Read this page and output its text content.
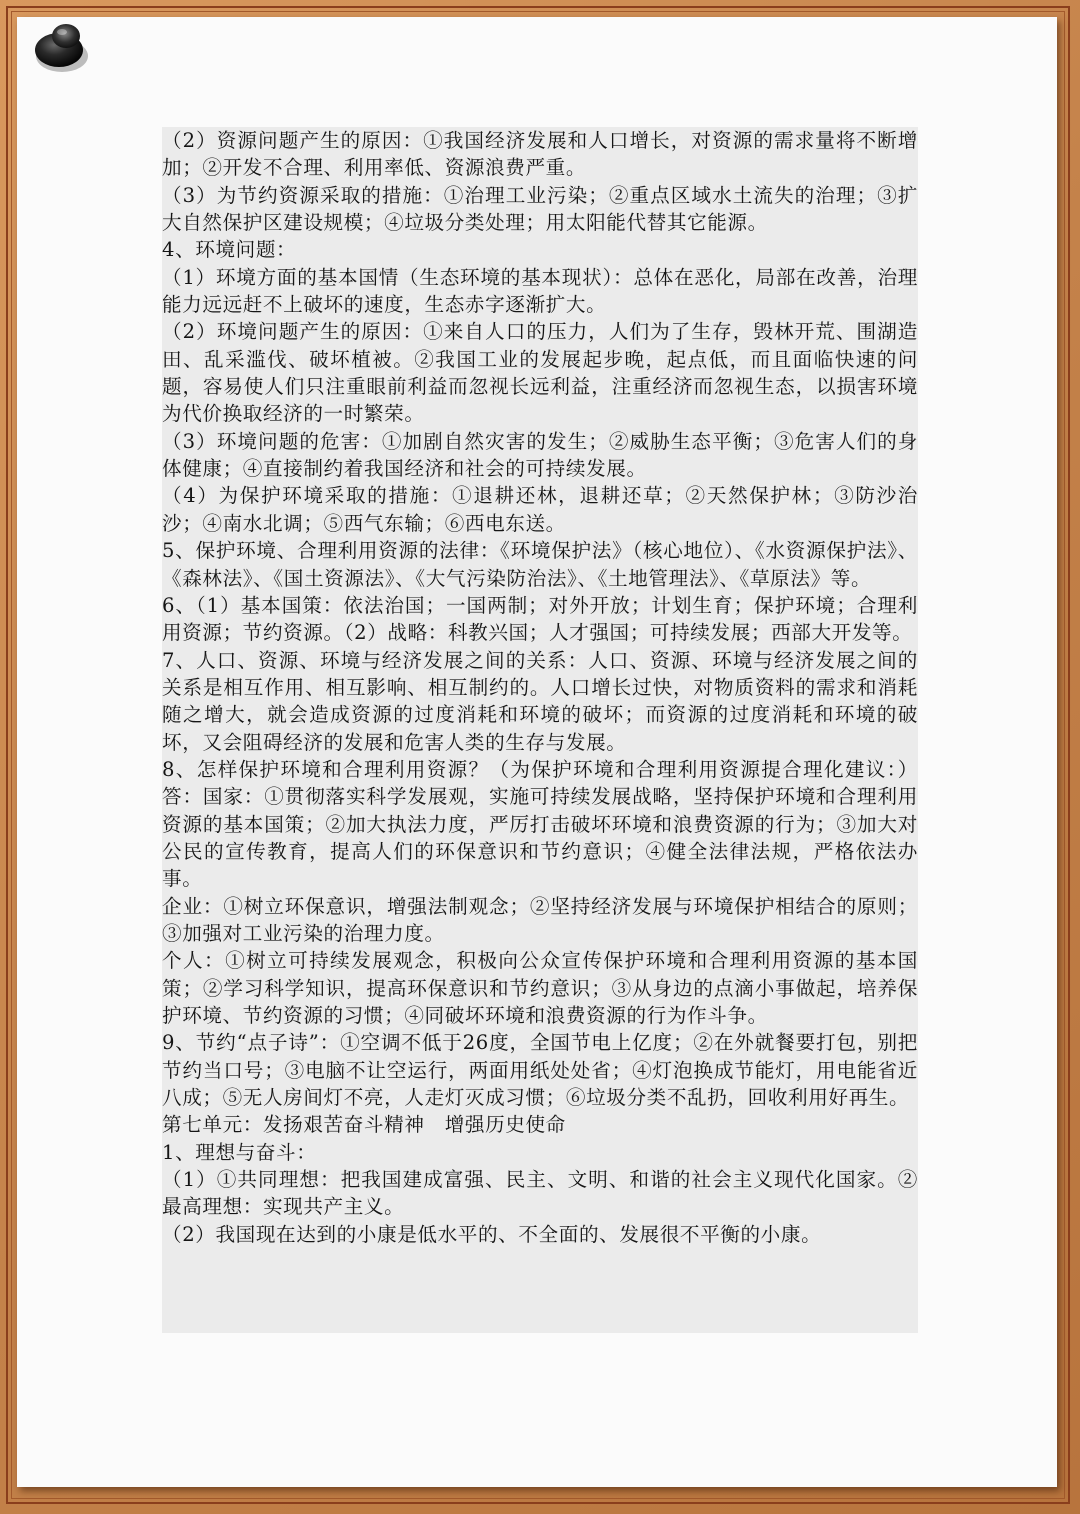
（2）资源问题产生的原因：①我国经济发展和人口增长，对资源的需求量将不断增加；②开发不合理、利用率低、资源浪费严重。

（3）为节约资源采取的措施：①治理工业污染；②重点区域水土流失的治理；③扩大自然保护区建设规模；④垃圾分类处理；用太阳能代替其它能源。

4、环境问题：

（1）环境方面的基本国情（生态环境的基本现状）：总体在恶化，局部在改善，治理能力远远赶不上破坏的速度，生态赤字逐渐扩大。

（2）环境问题产生的原因：①来自人口的压力，人们为了生存，毁林开荒、围湖造田、乱采滥伐、破坏植被。②我国工业的发展起步晚，起点低，而且面临快速的问题，容易使人们只注重眼前利益而忽视长远利益，注重经济而忽视生态，以损害环境为代价换取经济的一时繁荣。

（3）环境问题的危害：①加剧自然灾害的发生；②威胁生态平衡；③危害人们的身体健康；④直接制约着我国经济和社会的可持续发展。

（4）为保护环境采取的措施：①退耕还林，退耕还草；②天然保护林；③防沙治沙；④南水北调；⑤西气东输；⑥西电东送。

5、保护环境、合理利用资源的法律：《环境保护法》（核心地位）、《水资源保护法》、《森林法》、《国土资源法》、《大气污染防治法》、《土地管理法》、《草原法》等。

6、（1）基本国策：依法治国；一国两制；对外开放；计划生育；保护环境；合理利用资源；节约资源。（2）战略：科教兴国；人才强国；可持续发展；西部大开发等。

7、人口、资源、环境与经济发展之间的关系：人口、资源、环境与经济发展之间的关系是相互作用、相互影响、相互制约的。人口增长过快，对物质资料的需求和消耗随之增大，就会造成资源的过度消耗和环境的破坏；而资源的过度消耗和环境的破坏，又会阻碍经济的发展和危害人类的生存与发展。

8、怎样保护环境和合理利用资源？（为保护环境和合理利用资源提合理化建议：）答：国家：①贯彻落实科学发展观，实施可持续发展战略，坚持保护环境和合理利用资源的基本国策；②加大执法力度，严厉打击破坏环境和浪费资源的行为；③加大对公民的宣传教育，提高人们的环保意识和节约意识；④健全法律法规，严格依法办事。

企业：①树立环保意识，增强法制观念；②坚持经济发展与环境保护相结合的原则；③加强对工业污染的治理力度。

个人：①树立可持续发展观念，积极向公众宣传保护环境和合理利用资源的基本国策；②学习科学知识，提高环保意识和节约意识；③从身边的点滴小事做起，培养保护环境、节约资源的习惯；④同破坏环境和浪费资源的行为作斗争。

9、节约“点子诗”：①空调不低于26度，全国节电上亿度；②在外就餐要打包，别把节约当口号；③电脑不让空运行，两面用纸处处省；④灯泡换成节能灯，用电能省近八成；⑤无人房间灯不亮，人走灯灭成习惯；⑥垃圾分类不乱扔，回收利用好再生。

第七单元：发扬艰苦奋斗精神　增强历史使命

1、理想与奋斗：

（1）①共同理想：把我国建成富强、民主、文明、和谐的社会主义现代化国家。②最高理想：实现共产主义。

（2）我国现在达到的小康是低水平的、不全面的、发展很不平衡的小康。
